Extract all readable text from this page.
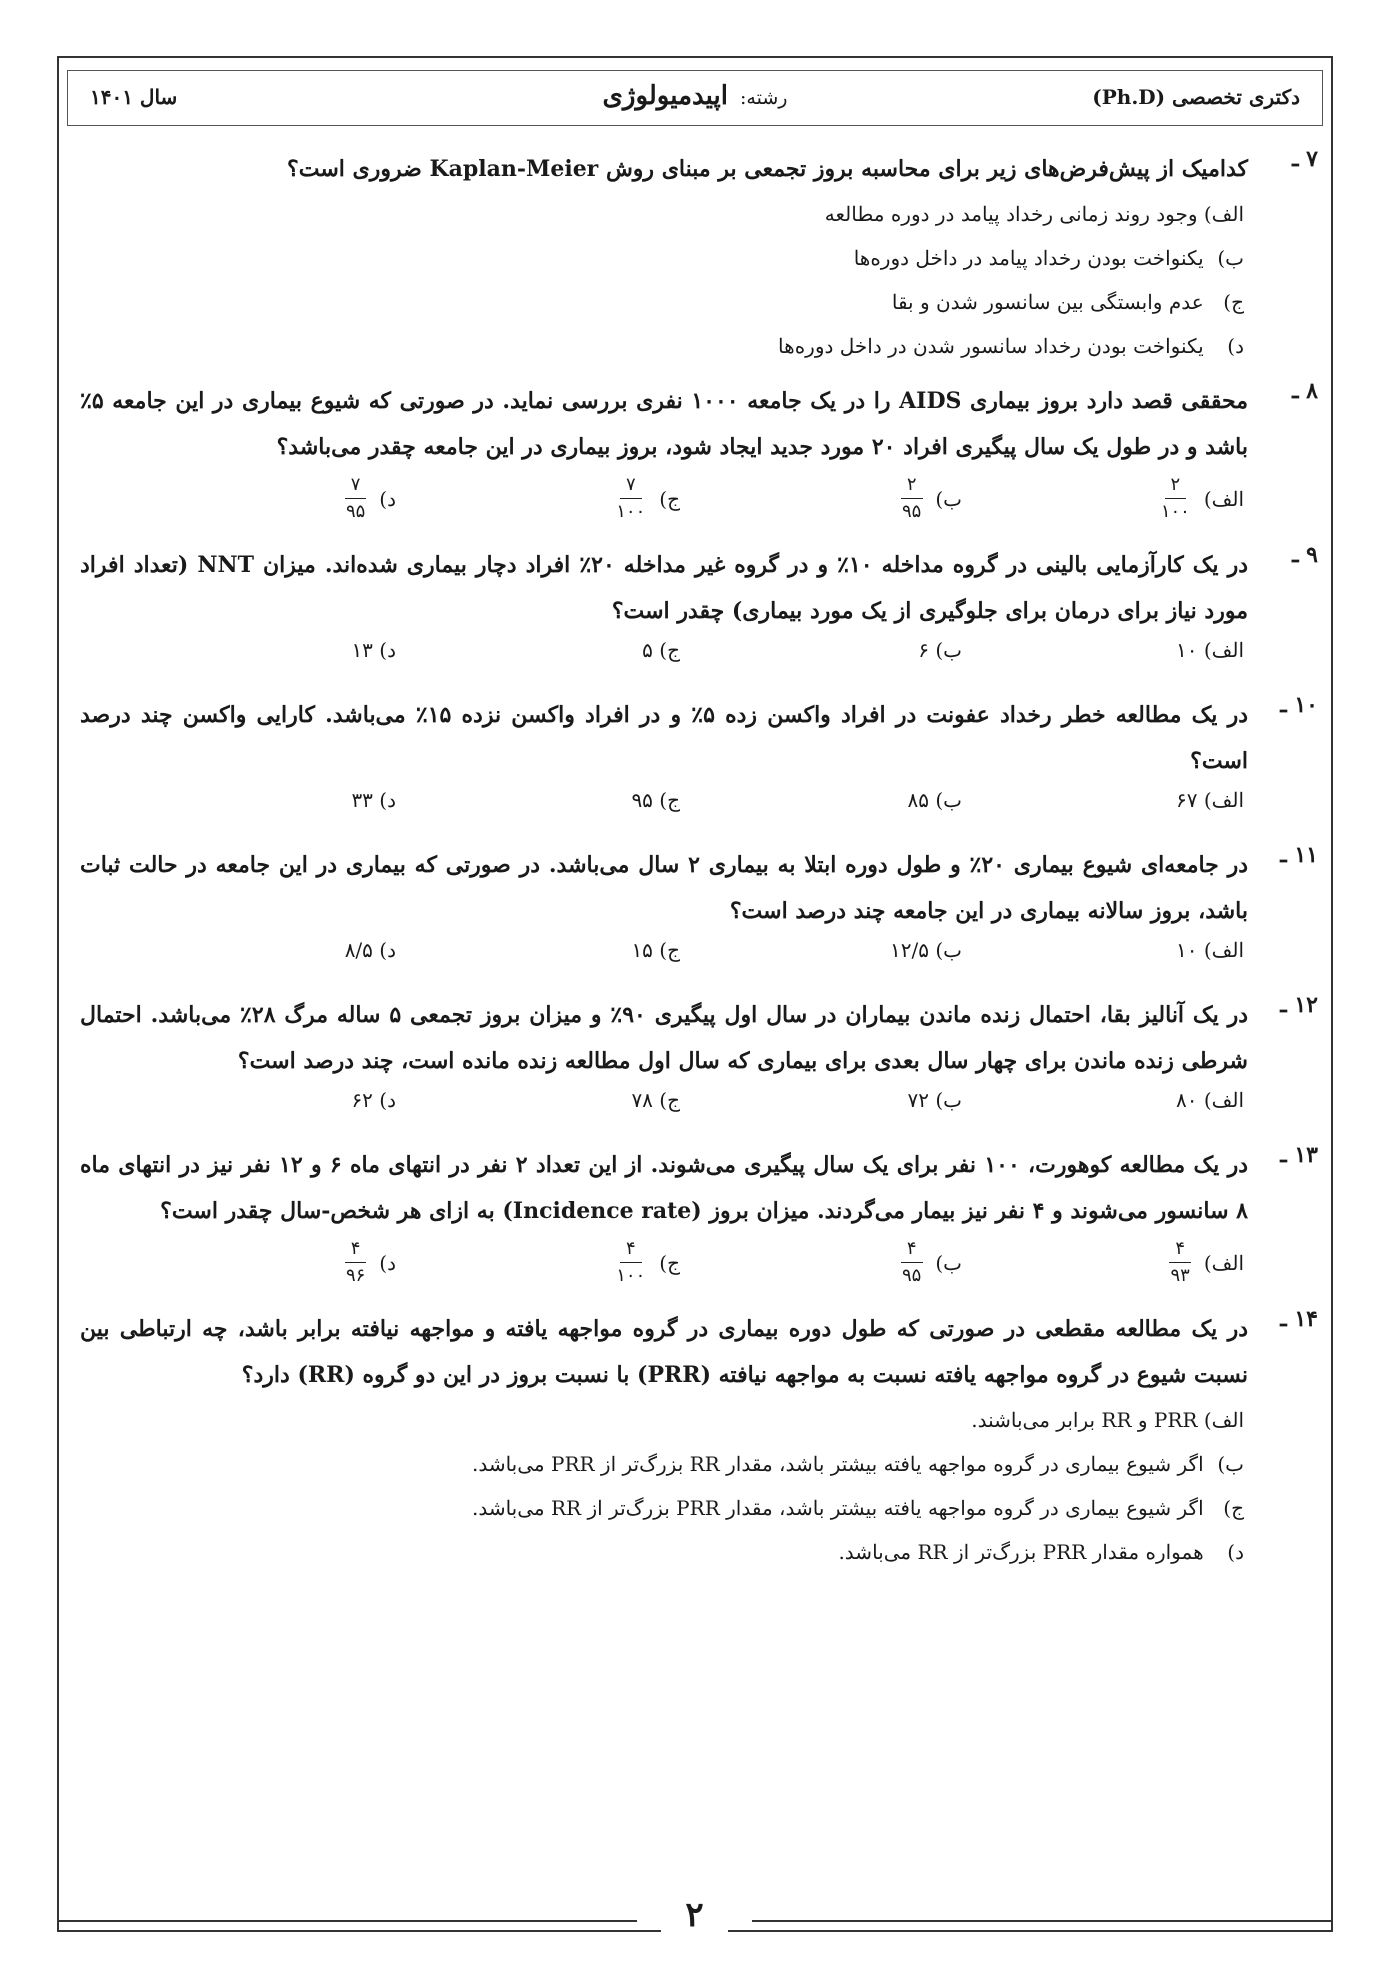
دکتری تخصصی (Ph.D)
رشته: اپیدمیولوژی
سال ۱۴۰۱
۷ ـ
کدامیک از پیش‌فرض‌های زیر برای محاسبه بروز تجمعی بر مبنای روش Kaplan-Meier ضروری است؟
الف) وجود روند زمانی رخداد پیامد در دوره مطالعه
ب) یکنواخت بودن رخداد پیامد در داخل دوره‌ها
ج) عدم وابستگی بین سانسور شدن و بقا
د) یکنواخت بودن رخداد سانسور شدن در داخل دوره‌ها
۸ ـ
محققی قصد دارد بروز بیماری AIDS را در یک جامعه ۱۰۰۰ نفری بررسی نماید. در صورتی که شیوع بیماری در این جامعه ۵٪ باشد و در طول یک سال پیگیری افراد ۲۰ مورد جدید ایجاد شود، بروز بیماری در این جامعه چقدر می‌باشد؟
الف)
$\frac{۲}{۱۰۰}$
ب)
$\frac{۲}{۹۵}$
ج)
$\frac{۷}{۱۰۰}$
د)
$\frac{۷}{۹۵}$
۹ ـ
در یک کارآزمایی بالینی در گروه مداخله ۱۰٪ و در گروه غیر مداخله ۲۰٪ افراد دچار بیماری شده‌اند. میزان NNT (تعداد افراد مورد نیاز برای درمان برای جلوگیری از یک مورد بیماری) چقدر است؟
الف) ۱۰
ب) ۶
ج) ۵
د) ۱۳
۱۰ ـ
در یک مطالعه خطر رخداد عفونت در افراد واکسن زده ۵٪ و در افراد واکسن نزده ۱۵٪ می‌باشد. کارایی واکسن چند درصد است؟
الف) ۶۷
ب) ۸۵
ج) ۹۵
د) ۳۳
۱۱ ـ
در جامعه‌ای شیوع بیماری ۲۰٪ و طول دوره ابتلا به بیماری ۲ سال می‌باشد. در صورتی که بیماری در این جامعه در حالت ثبات باشد، بروز سالانه بیماری در این جامعه چند درصد است؟
الف) ۱۰
ب) ۱۲/۵
ج) ۱۵
د) ۸/۵
۱۲ ـ
در یک آنالیز بقا، احتمال زنده ماندن بیماران در سال اول پیگیری ۹۰٪ و میزان بروز تجمعی ۵ ساله مرگ ۲۸٪ می‌باشد. احتمال شرطی زنده ماندن برای چهار سال بعدی برای بیماری که سال اول مطالعه زنده مانده است، چند درصد است؟
الف) ۸۰
ب) ۷۲
ج) ۷۸
د) ۶۲
۱۳ ـ
در یک مطالعه کوهورت، ۱۰۰ نفر برای یک سال پیگیری می‌شوند. از این تعداد ۲ نفر در انتهای ماه ۶ و ۱۲ نفر نیز در انتهای ماه ۸ سانسور می‌شوند و ۴ نفر نیز بیمار می‌گردند. میزان بروز (Incidence rate) به ازای هر شخص-سال چقدر است؟
الف)
$\frac{۴}{۹۳}$
ب)
$\frac{۴}{۹۵}$
ج)
$\frac{۴}{۱۰۰}$
د)
$\frac{۴}{۹۶}$
۱۴ ـ
در یک مطالعه مقطعی در صورتی که طول دوره بیماری در گروه مواجهه یافته و مواجهه نیافته برابر باشد، چه ارتباطی بین نسبت شیوع در گروه مواجهه یافته نسبت به مواجهه نیافته (PRR) با نسبت بروز در این دو گروه (RR) دارد؟
الف) PRR و RR برابر می‌باشند.
ب) اگر شیوع بیماری در گروه مواجهه یافته بیشتر باشد، مقدار RR بزرگ‌تر از PRR می‌باشد.
ج) اگر شیوع بیماری در گروه مواجهه یافته بیشتر باشد، مقدار PRR بزرگ‌تر از RR می‌باشد.
د) همواره مقدار PRR بزرگ‌تر از RR می‌باشد.
۲
